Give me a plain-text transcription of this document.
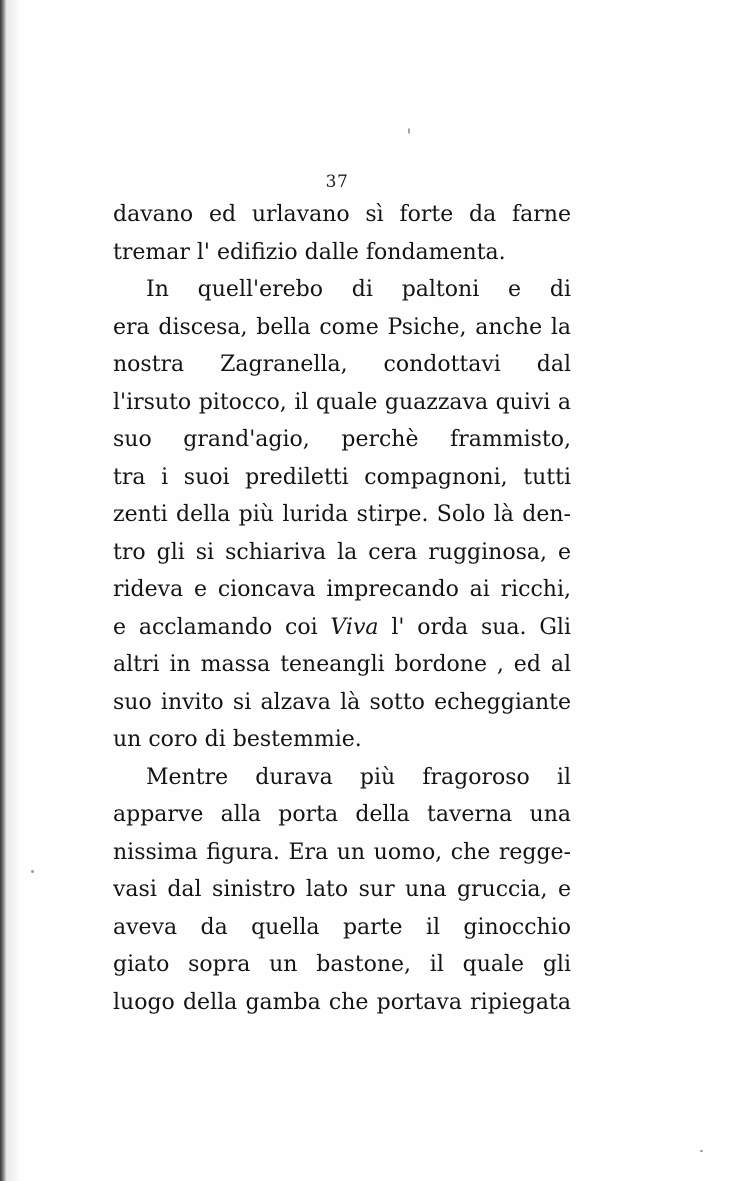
37
davano ed urlavano sì forte da farne
tremar l' edifizio dalle fondamenta.
In quell'erebo di paltoni e di
era discesa, bella come Psiche, anche la
nostra Zagranella, condottavi dal
l'irsuto pitocco, il quale guazzava quivi a
suo grand'agio, perchè frammisto,
tra i suoi prediletti compagnoni, tutti
zenti della più lurida stirpe. Solo là den-
tro gli si schiariva la cera rugginosa, e
rideva e cioncava imprecando ai ricchi,
e acclamando coi Viva l' orda sua. Gli
altri in massa teneangli bordone , ed al
suo invito si alzava là sotto echeggiante
un coro di bestemmie.
Mentre durava più fragoroso il
apparve alla porta della taverna una
nissima figura. Era un uomo, che regge-
vasi dal sinistro lato sur una gruccia, e
aveva da quella parte il ginocchio
giato sopra un bastone, il quale gli
luogo della gamba che portava ripiegata
